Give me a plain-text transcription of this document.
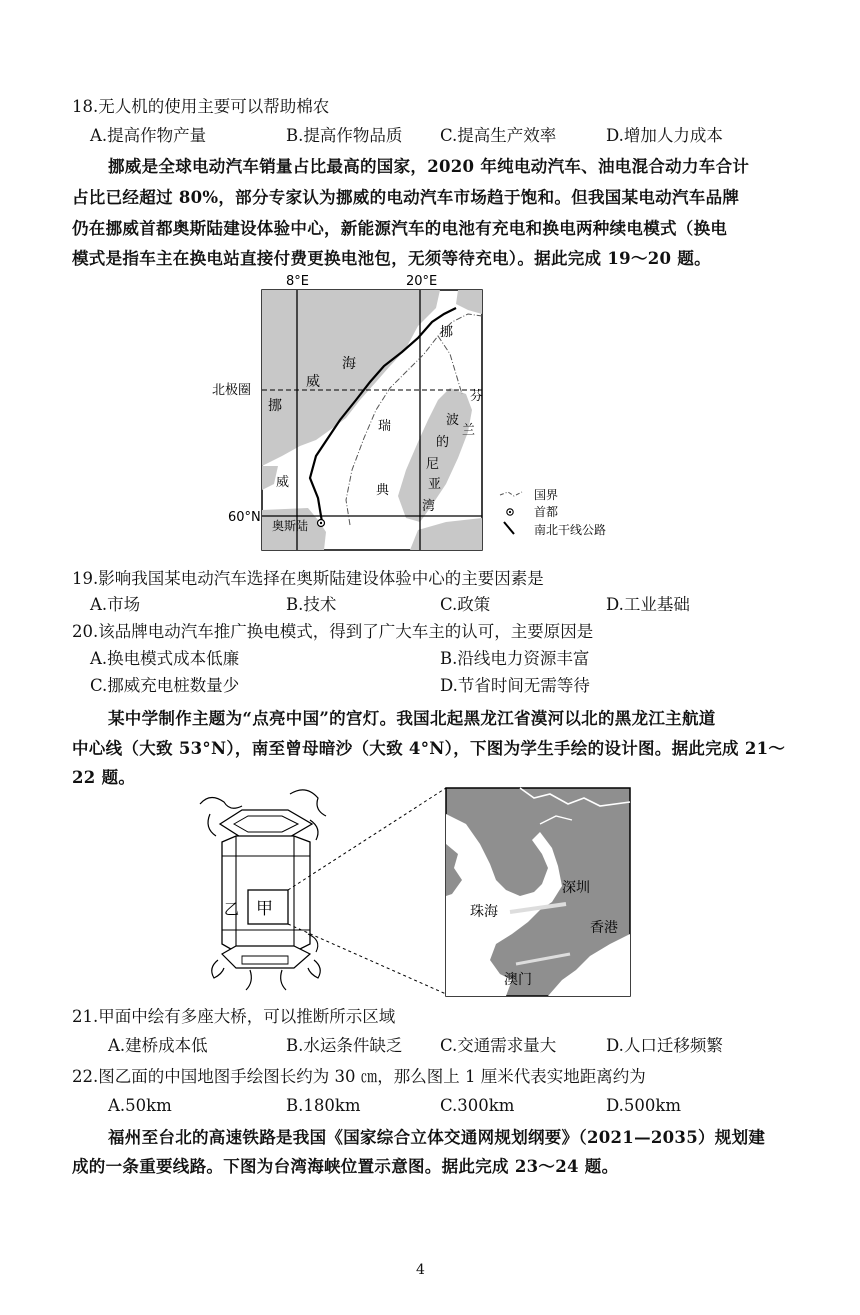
18.无人机的使用主要可以帮助棉农
A.提高作物产量	B.提高作物品质 C.提高生产效率	D.增加人力成本
挪威是全球电动汽车销量占比最高的国家，2020 年纯电动汽车、油电混合动力车合计
占比已经超过 80%，部分专家认为挪威的电动汽车市场趋于饱和。但我国某电动汽车品牌
仍在挪威首都奥斯陆建设体验中心，新能源汽车的电池有充电和换电两种续电模式（换电
模式是指车主在换电站直接付费更换电池包，无须等待充电）。据此完成 19～20 题。
8°E	20°E
北极圈
60°N
海
威
挪
挪
威
瑞
典
芬
兰
波
的
尼
亚
湾
奥斯陆
国界
首都
南北干线公路
19.影响我国某电动汽车选择在奥斯陆建设体验中心的主要因素是
A.市场	B.技术	C.政策	D.工业基础
20.该品牌电动汽车推广换电模式，得到了广大车主的认可，主要原因是
A.换电模式成本低廉	B.沿线电力资源丰富
C.挪威充电桩数量少	D.节省时间无需等待
某中学制作主题为“点亮中国”的宫灯。我国北起黑龙江省漠河以北的黑龙江主航道
中心线（大致 53°N），南至曾母暗沙（大致 4°N），下图为学生手绘的设计图。据此完成 21～
22 题。
甲
乙
深圳
珠海
香港
澳门
21.甲面中绘有多座大桥，可以推断所示区域
A.建桥成本低	B.水运条件缺乏 C.交通需求量大	D.人口迁移频繁
22.图乙面的中国地图手绘图长约为 30 ㎝，那么图上 1 厘米代表实地距离约为
A.50km	B.180km	C.300km	D.500km
福州至台北的高速铁路是我国《国家综合立体交通网规划纲要》（2021—2035）规划建
成的一条重要线路。下图为台湾海峡位置示意图。据此完成 23～24 题。
4
